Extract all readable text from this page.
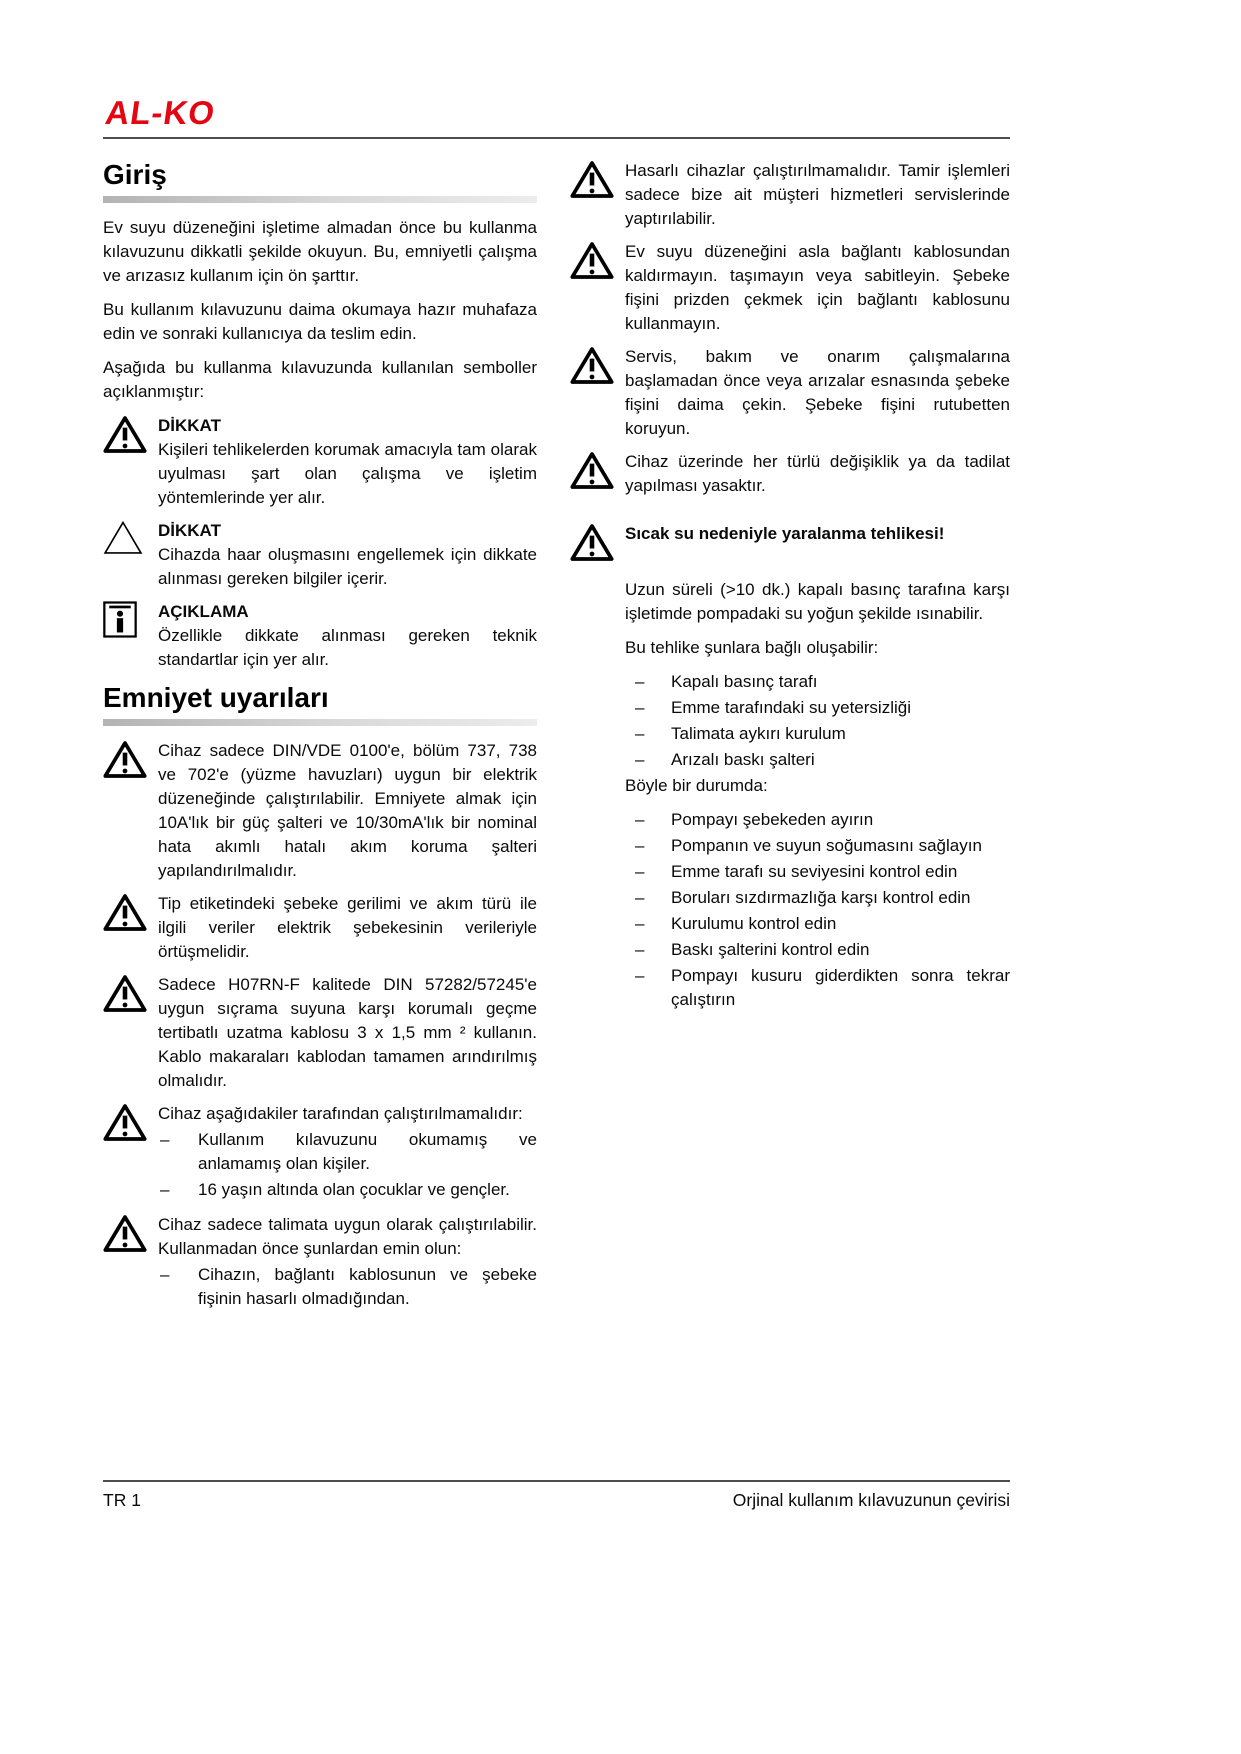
AL-KO
Giriş

Ev suyu düzeneğini işletime almadan önce bu kullanma kılavuzunu dikkatli şekilde okuyun. Bu, emniyetli çalışma ve arızasız kullanım için ön şarttır.

Bu kullanım kılavuzunu daima okumaya hazır muhafaza edin ve sonraki kullanıcıya da teslim edin.

Aşağıda bu kullanma kılavuzunda kullanılan semboller açıklanmıştır:

DİKKAT

Kişileri tehlikelerden korumak amacıyla tam olarak uyulması şart olan çalışma ve işletim yöntemlerinde yer alır.

DİKKAT

Cihazda haar oluşmasını engellemek için dikkate alınması gereken bilgiler içerir.

AÇIKLAMA

Özellikle dikkate alınması gereken teknik standartlar için yer alır.

Emniyet uyarıları

Cihaz sadece DIN/VDE 0100'e, bölüm 737, 738 ve 702'e (yüzme havuzları) uygun bir elektrik düzeneğinde çalıştırılabilir. Emniyete almak için 10A'lık bir güç şalteri ve 10/30mA'lık bir nominal hata akımlı hatalı akım koruma şalteri yapılandırılmalıdır.

Tip etiketindeki şebeke gerilimi ve akım türü ile ilgili veriler elektrik şebekesinin verileriyle örtüşmelidir.

Sadece H07RN-F kalitede DIN 57282/57245'e uygun sıçrama suyuna karşı korumalı geçme tertibatlı uzatma kablosu 3 x 1,5 mm ² kullanın. Kablo makaraları kablodan tamamen arındırılmış olmalıdır.

Cihaz aşağıdakiler tarafından çalıştırılmamalıdır:

– Kullanım kılavuzunu okumamış ve anlamamış olan kişiler.
– 16 yaşın altında olan çocuklar ve gençler.

Cihaz sadece talimata uygun olarak çalıştırılabilir. Kullanmadan önce şunlardan emin olun:

– Cihazın, bağlantı kablosunun ve şebeke fişinin hasarlı olmadığından.

Hasarlı cihazlar çalıştırılmamalıdır. Tamir işlemleri sadece bize ait müşteri hizmetleri servislerinde yaptırılabilir.

Ev suyu düzeneğini asla bağlantı kablosundan kaldırmayın. taşımayın veya sabitleyin. Şebeke fişini prizden çekmek için bağlantı kablosunu kullanmayın.

Servis, bakım ve onarım çalışmalarına başlamadan önce veya arızalar esnasında şebeke fişini daima çekin. Şebeke fişini rutubetten koruyun.

Cihaz üzerinde her türlü değişiklik ya da tadilat yapılması yasaktır.

Sıcak su nedeniyle yaralanma tehlikesi!

Uzun süreli (>10 dk.) kapalı basınç tarafına karşı işletimde pompadaki su yoğun şekilde ısınabilir.

Bu tehlike şunlara bağlı oluşabilir:

– Kapalı basınç tarafı
– Emme tarafındaki su yetersizliği
– Talimata aykırı kurulum
– Arızalı baskı şalteri

Böyle bir durumda:

– Pompayı şebekeden ayırın
– Pompanın ve suyun soğumasını sağlayın
– Emme tarafı su seviyesini kontrol edin
– Boruları sızdırmazlığa karşı kontrol edin
– Kurulumu kontrol edin
– Baskı şalterini kontrol edin
– Pompayı kusuru giderdikten sonra tekrar çalıştırın
TR 1	Orjinal kullanım kılavuzunun çevirisi
